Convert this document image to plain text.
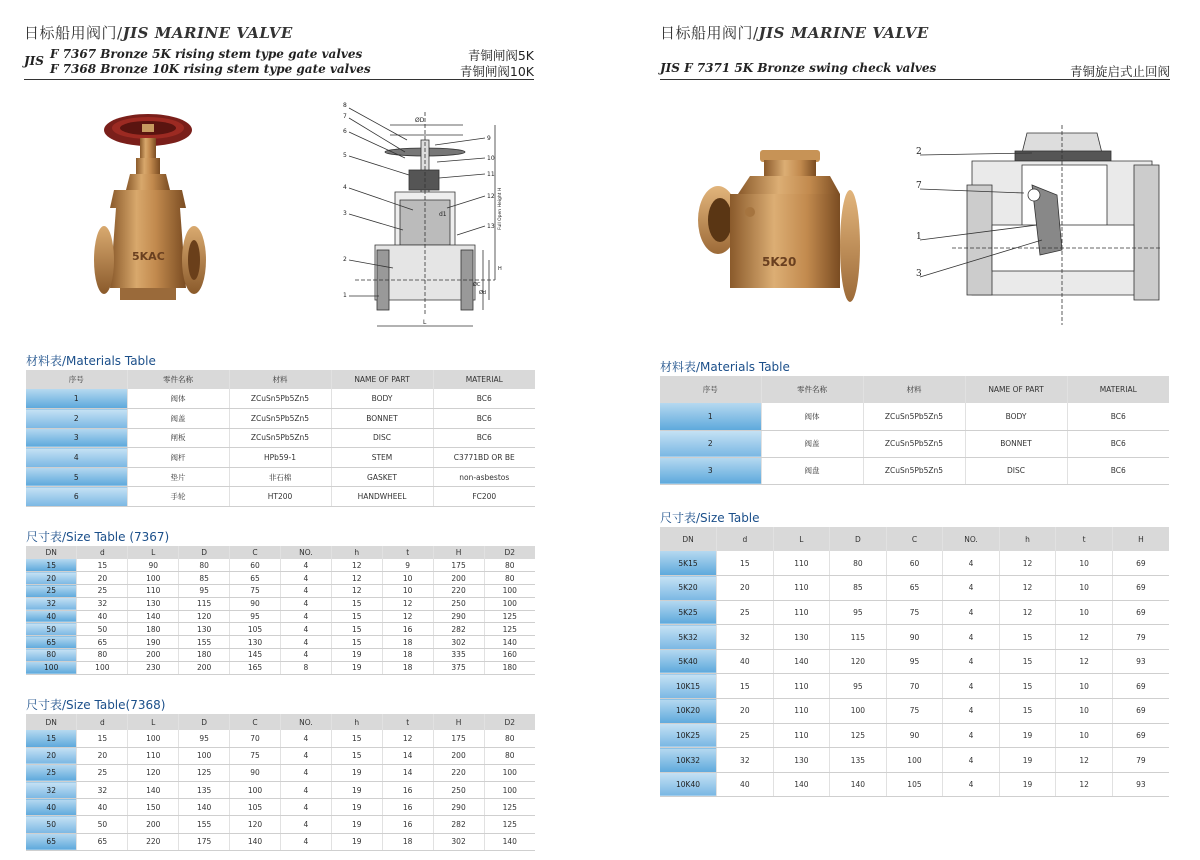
日标船用阀门/JIS MARINE VALVE
JIS F 7367 Bronze 5K rising stem type gate valves
F 7368 Bronze 10K rising stem type gate valves
青铜闸阀5K
青铜闸阀10K
5KAC
8
7
6
5
4
3
2
1
9
10
11
12
13
d1
ØD
ØC
Ød
L
H
Full Open Height H
材料表/Materials Table
序号	零件名称	材料	NAME OF PART	MATERIAL
1	阀体	ZCuSn5Pb5Zn5	BODY	BC6
2	阀盖	ZCuSn5Pb5Zn5	BONNET	BC6
3	闸板	ZCuSn5Pb5Zn5	DISC	BC6
4	阀杆	HPb59-1	STEM	C3771BD OR BE
5	垫片	非石棉	GASKET	non-asbestos
6	手轮	HT200	HANDWHEEL	FC200
尺寸表/Size Table (7367)
DN	d	L	D	C	NO.	h	t	H	D2
15	15	90	80	60	4	12	9	175	80
20	20	100	85	65	4	12	10	200	80
25	25	110	95	75	4	12	10	220	100
32	32	130	115	90	4	15	12	250	100
40	40	140	120	95	4	15	12	290	125
50	50	180	130	105	4	15	16	282	125
65	65	190	155	130	4	15	18	302	140
80	80	200	180	145	4	19	18	335	160
100	100	230	200	165	8	19	18	375	180
尺寸表/Size Table(7368)
DN	d	L	D	C	NO.	h	t	H	D2
15	15	100	95	70	4	15	12	175	80
20	20	110	100	75	4	15	14	200	80
25	25	120	125	90	4	19	14	220	100
32	32	140	135	100	4	19	16	250	100
40	40	150	140	105	4	19	16	290	125
50	50	200	155	120	4	19	16	282	125
65	65	220	175	140	4	19	18	302	140
日标船用阀门/JIS MARINE VALVE
JIS F 7371 5K Bronze swing check valves	青铜旋启式止回阀
5K20
2
7
1
3
材料表/Materials Table
序号	零件名称	材料	NAME OF PART	MATERIAL
1	阀体	ZCuSn5Pb5Zn5	BODY	BC6
2	阀盖	ZCuSn5Pb5Zn5	BONNET	BC6
3	阀盘	ZCuSn5Pb5Zn5	DISC	BC6
尺寸表/Size Table
DN	d	L	D	C	NO.	h	t	H
5K15	15	110	80	60	4	12	10	69
5K20	20	110	85	65	4	12	10	69
5K25	25	110	95	75	4	12	10	69
5K32	32	130	115	90	4	15	12	79
5K40	40	140	120	95	4	15	12	93
10K15	15	110	95	70	4	15	10	69
10K20	20	110	100	75	4	15	10	69
10K25	25	110	125	90	4	19	10	69
10K32	32	130	135	100	4	19	12	79
10K40	40	140	140	105	4	19	12	93
